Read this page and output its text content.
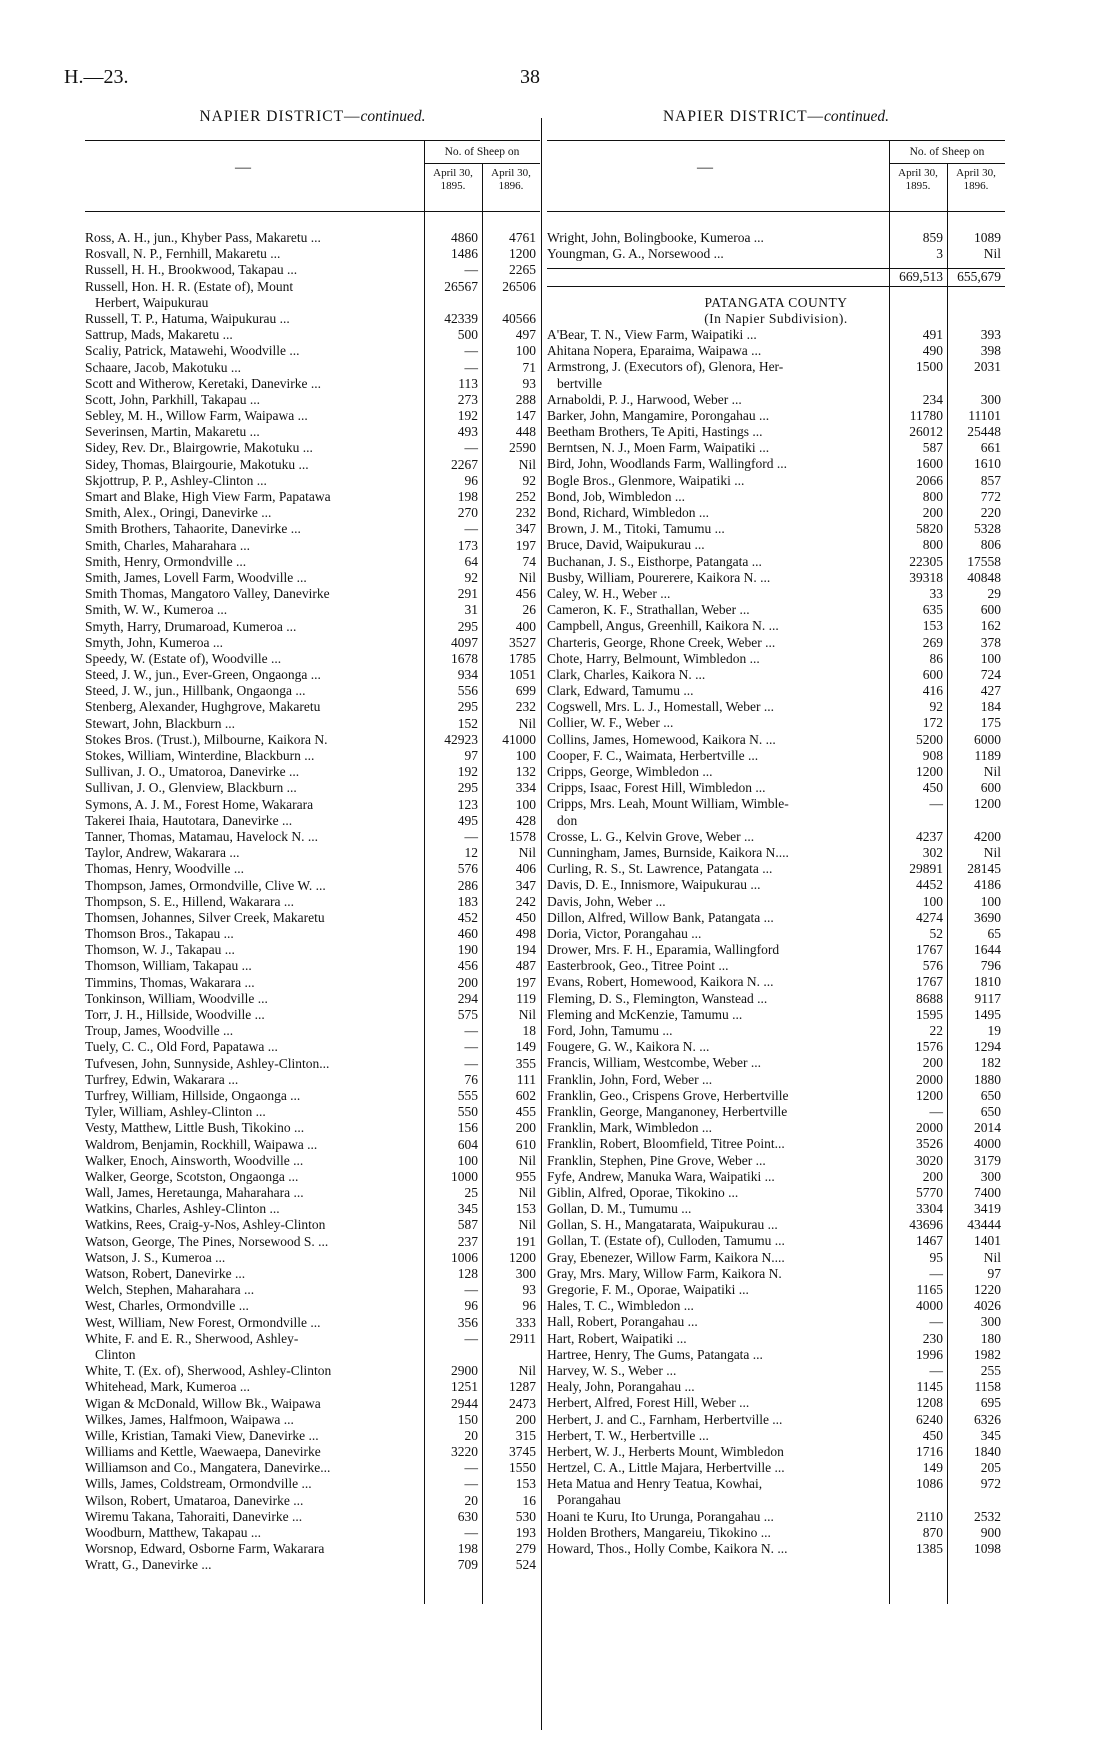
H.—23.	38
NAPIER DISTRICT—continued.
—
No. of Sheep on
April 30, 1895.
April 30, 1896.
Ross, A. H., jun., Khyber Pass, Makaretu ...	4860	4761
Rosvall, N. P., Fernhill, Makaretu ...	1486	1200
Russell, H. H., Brookwood, Takapau ...	—	2265
Russell, Hon. H. R. (Estate of), Mount	26567	26506
Herbert, Waipukurau
Russell, T. P., Hatuma, Waipukurau ...	42339	40566
Sattrup, Mads, Makaretu ...	500	497
Scaliy, Patrick, Matawehi, Woodville ...	—	100
Schaare, Jacob, Makotuku ...	—	71
Scott and Witherow, Keretaki, Danevirke ...	113	93
Scott, John, Parkhill, Takapau ...	273	288
Sebley, M. H., Willow Farm, Waipawa ...	192	147
Severinsen, Martin, Makaretu ...	493	448
Sidey, Rev. Dr., Blairgowrie, Makotuku ...	—	2590
Sidey, Thomas, Blairgourie, Makotuku ...	2267	Nil
Skjottrup, P. P., Ashley-Clinton ...	96	92
Smart and Blake, High View Farm, Papatawa	198	252
Smith, Alex., Oringi, Danevirke ...	270	232
Smith Brothers, Tahaorite, Danevirke ...	—	347
Smith, Charles, Maharahara ...	173	197
Smith, Henry, Ormondville ...	64	74
Smith, James, Lovell Farm, Woodville ...	92	Nil
Smith Thomas, Mangatoro Valley, Danevirke	291	456
Smith, W. W., Kumeroa ...	31	26
Smyth, Harry, Drumaroad, Kumeroa ...	295	400
Smyth, John, Kumeroa ...	4097	3527
Speedy, W. (Estate of), Woodville ...	1678	1785
Steed, J. W., jun., Ever-Green, Ongaonga ...	934	1051
Steed, J. W., jun., Hillbank, Ongaonga ...	556	699
Stenberg, Alexander, Hughgrove, Makaretu	295	232
Stewart, John, Blackburn ...	152	Nil
Stokes Bros. (Trust.), Milbourne, Kaikora N.	42923	41000
Stokes, William, Winterdine, Blackburn ...	97	100
Sullivan, J. O., Umatoroa, Danevirke ...	192	132
Sullivan, J. O., Glenview, Blackburn ...	295	334
Symons, A. J. M., Forest Home, Wakarara	123	100
Takerei Ihaia, Hautotara, Danevirke ...	495	428
Tanner, Thomas, Matamau, Havelock N. ...	—	1578
Taylor, Andrew, Wakarara ...	12	Nil
Thomas, Henry, Woodville ...	576	406
Thompson, James, Ormondville, Clive W. ...	286	347
Thompson, S. E., Hillend, Wakarara ...	183	242
Thomsen, Johannes, Silver Creek, Makaretu	452	450
Thomson Bros., Takapau ...	460	498
Thomson, W. J., Takapau ...	190	194
Thomson, William, Takapau ...	456	487
Timmins, Thomas, Wakarara ...	200	197
Tonkinson, William, Woodville ...	294	119
Torr, J. H., Hillside, Woodville ...	575	Nil
Troup, James, Woodville ...	—	18
Tuely, C. C., Old Ford, Papatawa ...	—	149
Tufvesen, John, Sunnyside, Ashley-Clinton...	—	355
Turfrey, Edwin, Wakarara ...	76	111
Turfrey, William, Hillside, Ongaonga ...	555	602
Tyler, William, Ashley-Clinton ...	550	455
Vesty, Matthew, Little Bush, Tikokino ...	156	200
Waldrom, Benjamin, Rockhill, Waipawa ...	604	610
Walker, Enoch, Ainsworth, Woodville ...	100	Nil
Walker, George, Scotston, Ongaonga ...	1000	955
Wall, James, Heretaunga, Maharahara ...	25	Nil
Watkins, Charles, Ashley-Clinton ...	345	153
Watkins, Rees, Craig-y-Nos, Ashley-Clinton	587	Nil
Watson, George, The Pines, Norsewood S. ...	237	191
Watson, J. S., Kumeroa ...	1006	1200
Watson, Robert, Danevirke ...	128	300
Welch, Stephen, Maharahara ...	—	93
West, Charles, Ormondville ...	96	96
West, William, New Forest, Ormondville ...	356	333
White, F. and E. R., Sherwood, Ashley-	—	2911
Clinton
White, T. (Ex. of), Sherwood, Ashley-Clinton	2900	Nil
Whitehead, Mark, Kumeroa ...	1251	1287
Wigan & McDonald, Willow Bk., Waipawa	2944	2473
Wilkes, James, Halfmoon, Waipawa ...	150	200
Wille, Kristian, Tamaki View, Danevirke ...	20	315
Williams and Kettle, Waewaepa, Danevirke	3220	3745
Williamson and Co., Mangatera, Danevirke...	—	1550
Wills, James, Coldstream, Ormondville ...	—	153
Wilson, Robert, Umataroa, Danevirke ...	20	16
Wiremu Takana, Tahoraiti, Danevirke ...	630	530
Woodburn, Matthew, Takapau ...	—	193
Worsnop, Edward, Osborne Farm, Wakarara	198	279
Wratt, G., Danevirke ...	709	524
NAPIER DISTRICT—continued.
—
No. of Sheep on
April 30, 1895.
April 30, 1896.
Wright, John, Bolingbooke, Kumeroa ...	859	1089
Youngman, G. A., Norsewood ...	3	Nil
669,513	655,679
PATANGATA COUNTY
(In Napier Subdivision).
A'Bear, T. N., View Farm, Waipatiki ...	491	393
Ahitana Nopera, Eparaima, Waipawa ...	490	398
Armstrong, J. (Executors of), Glenora, Her-	1500	2031
bertville
Arnaboldi, P. J., Harwood, Weber ...	234	300
Barker, John, Mangamire, Porongahau ...	11780	11101
Beetham Brothers, Te Apiti, Hastings ...	26012	25448
Berntsen, N. J., Moen Farm, Waipatiki ...	587	661
Bird, John, Woodlands Farm, Wallingford ...	1600	1610
Bogle Bros., Glenmore, Waipatiki ...	2066	857
Bond, Job, Wimbledon ...	800	772
Bond, Richard, Wimbledon ...	200	220
Brown, J. M., Titoki, Tamumu ...	5820	5328
Bruce, David, Waipukurau ...	800	806
Buchanan, J. S., Eisthorpe, Patangata ...	22305	17558
Busby, William, Pourerere, Kaikora N. ...	39318	40848
Caley, W. H., Weber ...	33	29
Cameron, K. F., Strathallan, Weber ...	635	600
Campbell, Angus, Greenhill, Kaikora N. ...	153	162
Charteris, George, Rhone Creek, Weber ...	269	378
Chote, Harry, Belmount, Wimbledon ...	86	100
Clark, Charles, Kaikora N. ...	600	724
Clark, Edward, Tamumu ...	416	427
Cogswell, Mrs. L. J., Homestall, Weber ...	92	184
Collier, W. F., Weber ...	172	175
Collins, James, Homewood, Kaikora N. ...	5200	6000
Cooper, F. C., Waimata, Herbertville ...	908	1189
Cripps, George, Wimbledon ...	1200	Nil
Cripps, Isaac, Forest Hill, Wimbledon ...	450	600
Cripps, Mrs. Leah, Mount William, Wimble-	—	1200
don
Crosse, L. G., Kelvin Grove, Weber ...	4237	4200
Cunningham, James, Burnside, Kaikora N....	302	Nil
Curling, R. S., St. Lawrence, Patangata ...	29891	28145
Davis, D. E., Innismore, Waipukurau ...	4452	4186
Davis, John, Weber ...	100	100
Dillon, Alfred, Willow Bank, Patangata ...	4274	3690
Doria, Victor, Porangahau ...	52	65
Drower, Mrs. F. H., Eparamia, Wallingford	1767	1644
Easterbrook, Geo., Titree Point ...	576	796
Evans, Robert, Homewood, Kaikora N. ...	1767	1810
Fleming, D. S., Flemington, Wanstead ...	8688	9117
Fleming and McKenzie, Tamumu ...	1595	1495
Ford, John, Tamumu ...	22	19
Fougere, G. W., Kaikora N. ...	1576	1294
Francis, William, Westcombe, Weber ...	200	182
Franklin, John, Ford, Weber ...	2000	1880
Franklin, Geo., Crispens Grove, Herbertville	1200	650
Franklin, George, Manganoney, Herbertville	—	650
Franklin, Mark, Wimbledon ...	2000	2014
Franklin, Robert, Bloomfield, Titree Point...	3526	4000
Franklin, Stephen, Pine Grove, Weber ...	3020	3179
Fyfe, Andrew, Manuka Wara, Waipatiki ...	200	300
Giblin, Alfred, Oporae, Tikokino ...	5770	7400
Gollan, D. M., Tumumu ...	3304	3419
Gollan, S. H., Mangatarata, Waipukurau ...	43696	43444
Gollan, T. (Estate of), Culloden, Tamumu ...	1467	1401
Gray, Ebenezer, Willow Farm, Kaikora N....	95	Nil
Gray, Mrs. Mary, Willow Farm, Kaikora N.	—	97
Gregorie, F. M., Oporae, Waipatiki ...	1165	1220
Hales, T. C., Wimbledon ...	4000	4026
Hall, Robert, Porangahau ...	—	300
Hart, Robert, Waipatiki ...	230	180
Hartree, Henry, The Gums, Patangata ...	1996	1982
Harvey, W. S., Weber ...	—	255
Healy, John, Porangahau ...	1145	1158
Herbert, Alfred, Forest Hill, Weber ...	1208	695
Herbert, J. and C., Farnham, Herbertville ...	6240	6326
Herbert, T. W., Herbertville ...	450	345
Herbert, W. J., Herberts Mount, Wimbledon	1716	1840
Hertzel, C. A., Little Majara, Herbertville ...	149	205
Heta Matua and Henry Teatua, Kowhai,	1086	972
Porangahau
Hoani te Kuru, Ito Urunga, Porangahau ...	2110	2532
Holden Brothers, Mangareiu, Tikokino ...	870	900
Howard, Thos., Holly Combe, Kaikora N. ...	1385	1098
